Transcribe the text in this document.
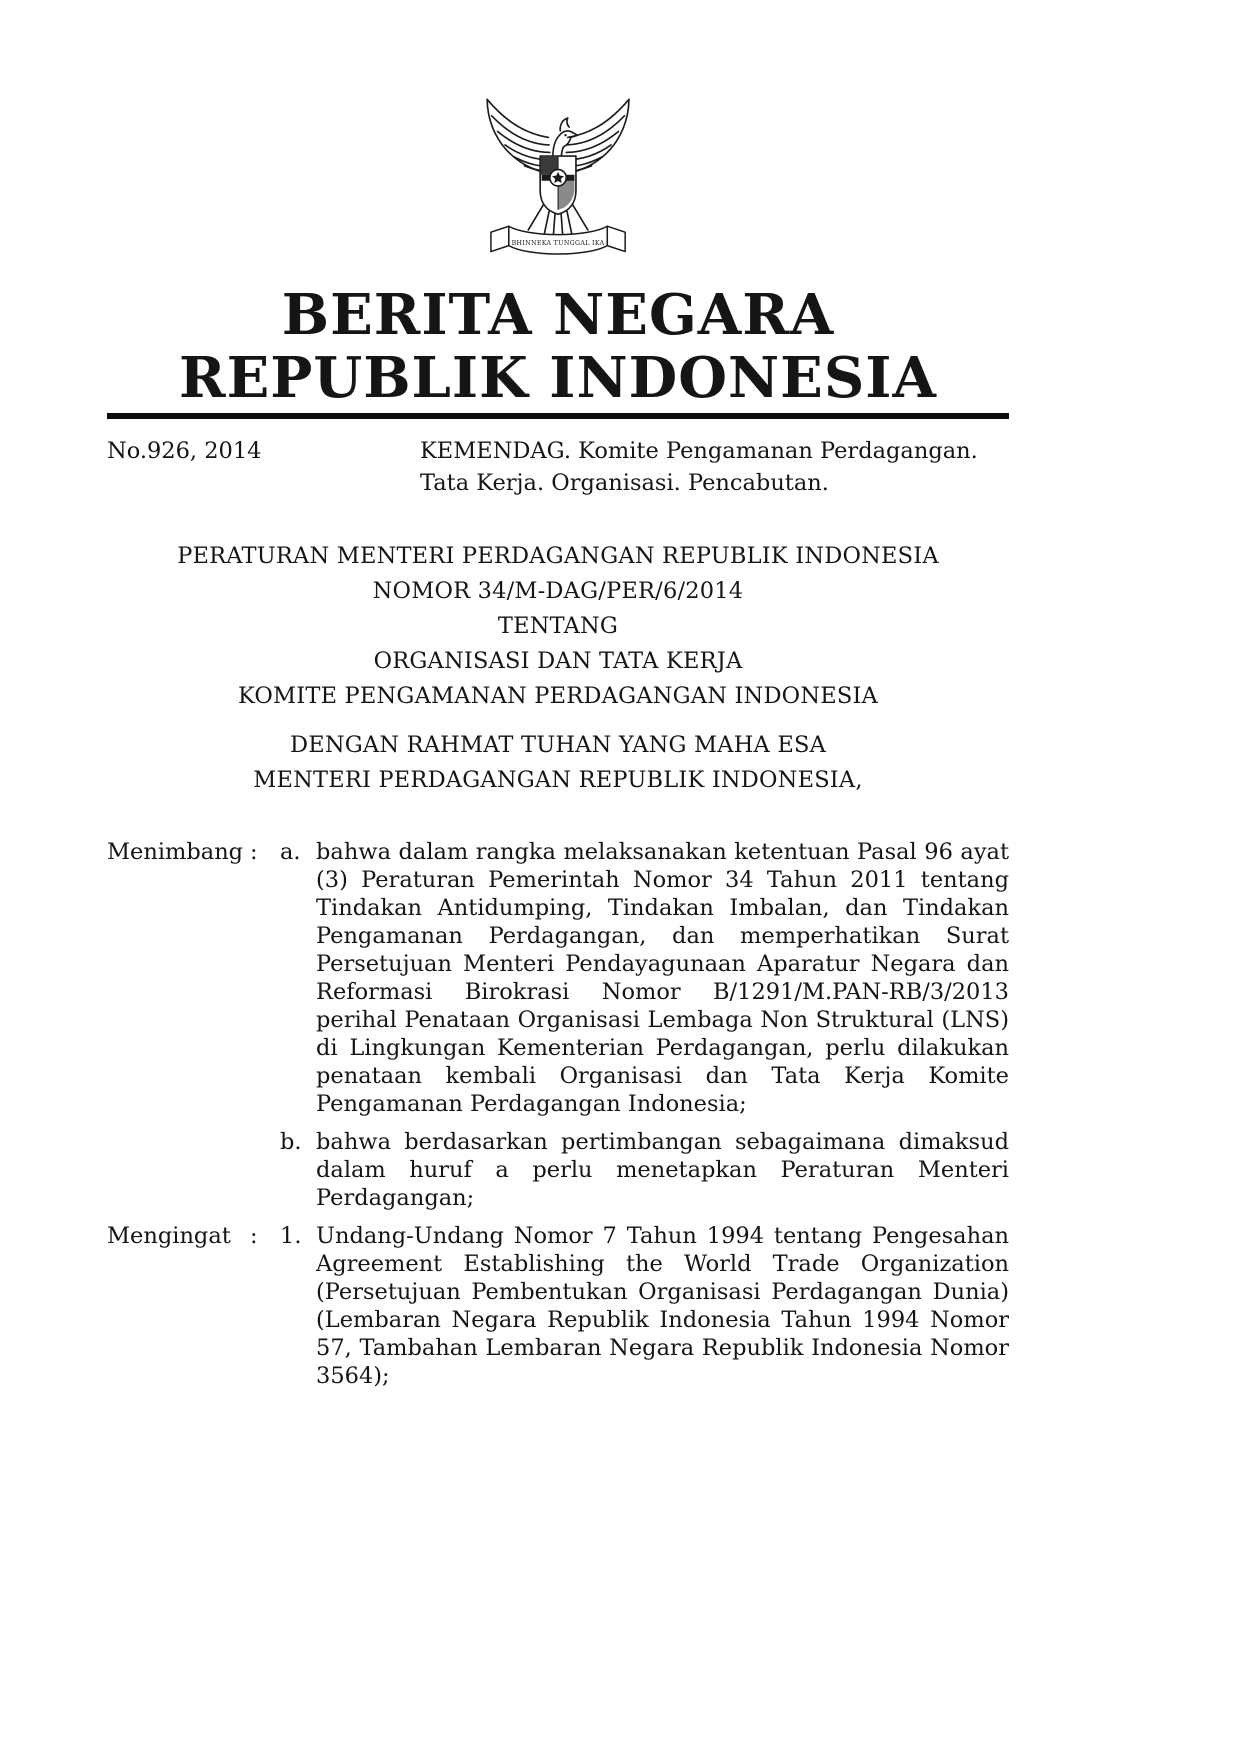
BHINNEKA TUNGGAL IKA
BERITA NEGARA
REPUBLIK INDONESIA
No.926, 2014	KEMENDAG. Komite Pengamanan Perdagangan.
Tata Kerja. Organisasi. Pencabutan.
PERATURAN MENTERI PERDAGANGAN REPUBLIK INDONESIA
NOMOR 34/M-DAG/PER/6/2014
TENTANG
ORGANISASI DAN TATA KERJA
KOMITE PENGAMANAN PERDAGANGAN INDONESIA
DENGAN RAHMAT TUHAN YANG MAHA ESA
MENTERI PERDAGANGAN REPUBLIK INDONESIA,
Menimbang : a. bahwa dalam rangka melaksanakan ketentuan Pasal 96 ayat (3) Peraturan Pemerintah Nomor 34 Tahun 2011 tentang Tindakan Antidumping, Tindakan Imbalan, dan Tindakan Pengamanan Perdagangan, dan memperhatikan Surat Persetujuan Menteri Pendayagunaan Aparatur Negara dan Reformasi Birokrasi Nomor B/1291/M.PAN-RB/3/2013 perihal Penataan Organisasi Lembaga Non Struktural (LNS) di Lingkungan Kementerian Perdagangan, perlu dilakukan penataan kembali Organisasi dan Tata Kerja Komite Pengamanan Perdagangan Indonesia;
b. bahwa berdasarkan pertimbangan sebagaimana dimaksud dalam huruf a perlu menetapkan Peraturan Menteri Perdagangan;
Mengingat : 1. Undang-Undang Nomor 7 Tahun 1994 tentang Pengesahan Agreement Establishing the World Trade Organization (Persetujuan Pembentukan Organisasi Perdagangan Dunia) (Lembaran Negara Republik Indonesia Tahun 1994 Nomor 57, Tambahan Lembaran Negara Republik Indonesia Nomor 3564);
